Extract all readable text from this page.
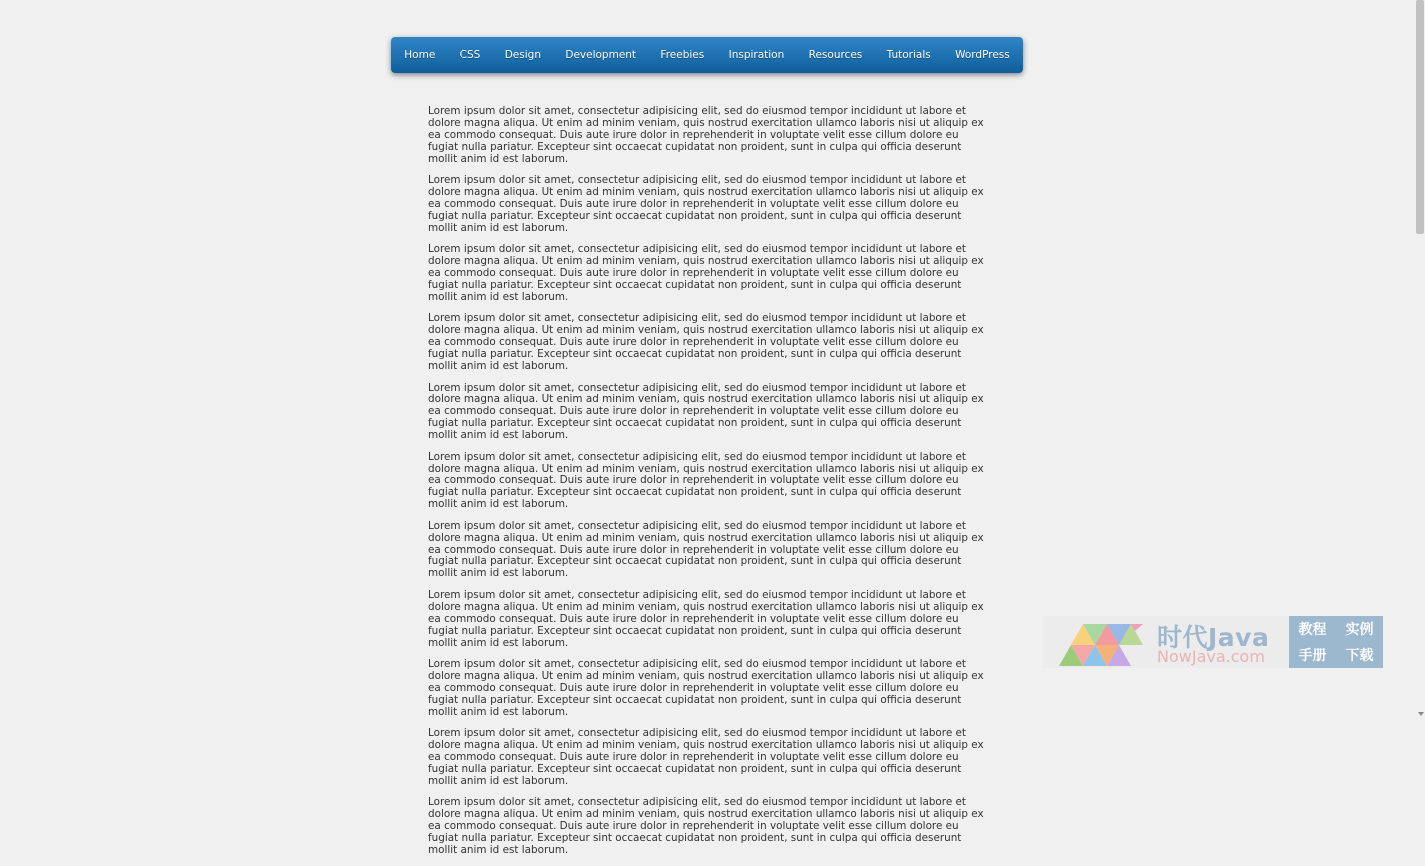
Home	CSS	Design	Development	Freebies	Inspiration	Resources	Tutorials	WordPress

Lorem ipsum dolor sit amet, consectetur adipisicing elit, sed do eiusmod tempor incididunt ut labore et dolore magna aliqua. Ut enim ad minim veniam, quis nostrud exercitation ullamco laboris nisi ut aliquip ex ea commodo consequat. Duis aute irure dolor in reprehenderit in voluptate velit esse cillum dolore eu fugiat nulla pariatur. Excepteur sint occaecat cupidatat non proident, sunt in culpa qui officia deserunt mollit anim id est laborum.

Lorem ipsum dolor sit amet, consectetur adipisicing elit, sed do eiusmod tempor incididunt ut labore et dolore magna aliqua. Ut enim ad minim veniam, quis nostrud exercitation ullamco laboris nisi ut aliquip ex ea commodo consequat. Duis aute irure dolor in reprehenderit in voluptate velit esse cillum dolore eu fugiat nulla pariatur. Excepteur sint occaecat cupidatat non proident, sunt in culpa qui officia deserunt mollit anim id est laborum.

Lorem ipsum dolor sit amet, consectetur adipisicing elit, sed do eiusmod tempor incididunt ut labore et dolore magna aliqua. Ut enim ad minim veniam, quis nostrud exercitation ullamco laboris nisi ut aliquip ex ea commodo consequat. Duis aute irure dolor in reprehenderit in voluptate velit esse cillum dolore eu fugiat nulla pariatur. Excepteur sint occaecat cupidatat non proident, sunt in culpa qui officia deserunt mollit anim id est laborum.

Lorem ipsum dolor sit amet, consectetur adipisicing elit, sed do eiusmod tempor incididunt ut labore et dolore magna aliqua. Ut enim ad minim veniam, quis nostrud exercitation ullamco laboris nisi ut aliquip ex ea commodo consequat. Duis aute irure dolor in reprehenderit in voluptate velit esse cillum dolore eu fugiat nulla pariatur. Excepteur sint occaecat cupidatat non proident, sunt in culpa qui officia deserunt mollit anim id est laborum.

Lorem ipsum dolor sit amet, consectetur adipisicing elit, sed do eiusmod tempor incididunt ut labore et dolore magna aliqua. Ut enim ad minim veniam, quis nostrud exercitation ullamco laboris nisi ut aliquip ex ea commodo consequat. Duis aute irure dolor in reprehenderit in voluptate velit esse cillum dolore eu fugiat nulla pariatur. Excepteur sint occaecat cupidatat non proident, sunt in culpa qui officia deserunt mollit anim id est laborum.

Lorem ipsum dolor sit amet, consectetur adipisicing elit, sed do eiusmod tempor incididunt ut labore et dolore magna aliqua. Ut enim ad minim veniam, quis nostrud exercitation ullamco laboris nisi ut aliquip ex ea commodo consequat. Duis aute irure dolor in reprehenderit in voluptate velit esse cillum dolore eu fugiat nulla pariatur. Excepteur sint occaecat cupidatat non proident, sunt in culpa qui officia deserunt mollit anim id est laborum.

Lorem ipsum dolor sit amet, consectetur adipisicing elit, sed do eiusmod tempor incididunt ut labore et dolore magna aliqua. Ut enim ad minim veniam, quis nostrud exercitation ullamco laboris nisi ut aliquip ex ea commodo consequat. Duis aute irure dolor in reprehenderit in voluptate velit esse cillum dolore eu fugiat nulla pariatur. Excepteur sint occaecat cupidatat non proident, sunt in culpa qui officia deserunt mollit anim id est laborum.

Lorem ipsum dolor sit amet, consectetur adipisicing elit, sed do eiusmod tempor incididunt ut labore et dolore magna aliqua. Ut enim ad minim veniam, quis nostrud exercitation ullamco laboris nisi ut aliquip ex ea commodo consequat. Duis aute irure dolor in reprehenderit in voluptate velit esse cillum dolore eu fugiat nulla pariatur. Excepteur sint occaecat cupidatat non proident, sunt in culpa qui officia deserunt mollit anim id est laborum.

Lorem ipsum dolor sit amet, consectetur adipisicing elit, sed do eiusmod tempor incididunt ut labore et dolore magna aliqua. Ut enim ad minim veniam, quis nostrud exercitation ullamco laboris nisi ut aliquip ex ea commodo consequat. Duis aute irure dolor in reprehenderit in voluptate velit esse cillum dolore eu fugiat nulla pariatur. Excepteur sint occaecat cupidatat non proident, sunt in culpa qui officia deserunt mollit anim id est laborum.

Lorem ipsum dolor sit amet, consectetur adipisicing elit, sed do eiusmod tempor incididunt ut labore et dolore magna aliqua. Ut enim ad minim veniam, quis nostrud exercitation ullamco laboris nisi ut aliquip ex ea commodo consequat. Duis aute irure dolor in reprehenderit in voluptate velit esse cillum dolore eu fugiat nulla pariatur. Excepteur sint occaecat cupidatat non proident, sunt in culpa qui officia deserunt mollit anim id est laborum.

Lorem ipsum dolor sit amet, consectetur adipisicing elit, sed do eiusmod tempor incididunt ut labore et dolore magna aliqua. Ut enim ad minim veniam, quis nostrud exercitation ullamco laboris nisi ut aliquip ex ea commodo consequat. Duis aute irure dolor in reprehenderit in voluptate velit esse cillum dolore eu fugiat nulla pariatur. Excepteur sint occaecat cupidatat non proident, sunt in culpa qui officia deserunt mollit anim id est laborum.

时代Java
NowJava.com
教程 实例
手册 下载
